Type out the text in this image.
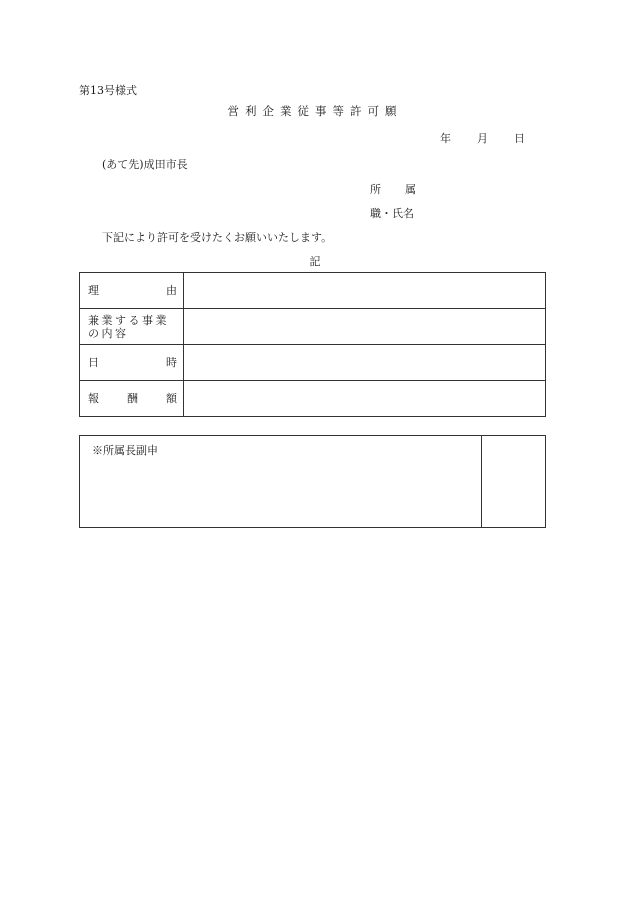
第13号様式
営利企業従事等許可願
年 月 日
(あて先)成田市長
所属
職・氏名
下記により許可を受けたくお願いいたします。
記
理由	

兼業する事業の内容	

日時	

報酬額	

※所属長副申	
